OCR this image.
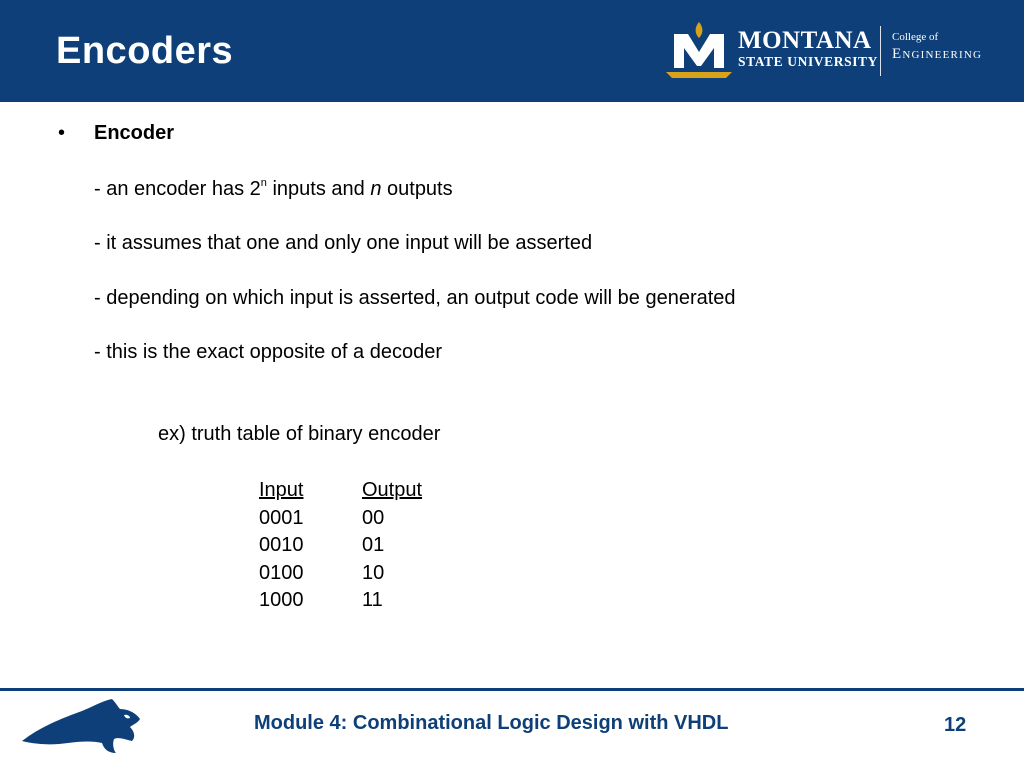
Encoders	MONTANA
STATE UNIVERSITY
College of
Engineering
• Encoder
- an encoder has 2$^n$ inputs and n outputs
- it assumes that one and only one input will be asserted
- depending on which input is asserted, an output code will be generated
- this is the exact opposite of a decoder
ex) truth table of binary encoder
Input	Output
0001	00
0010	01
0100	10
1000	11
Module 4: Combinational Logic Design with VHDL	12
